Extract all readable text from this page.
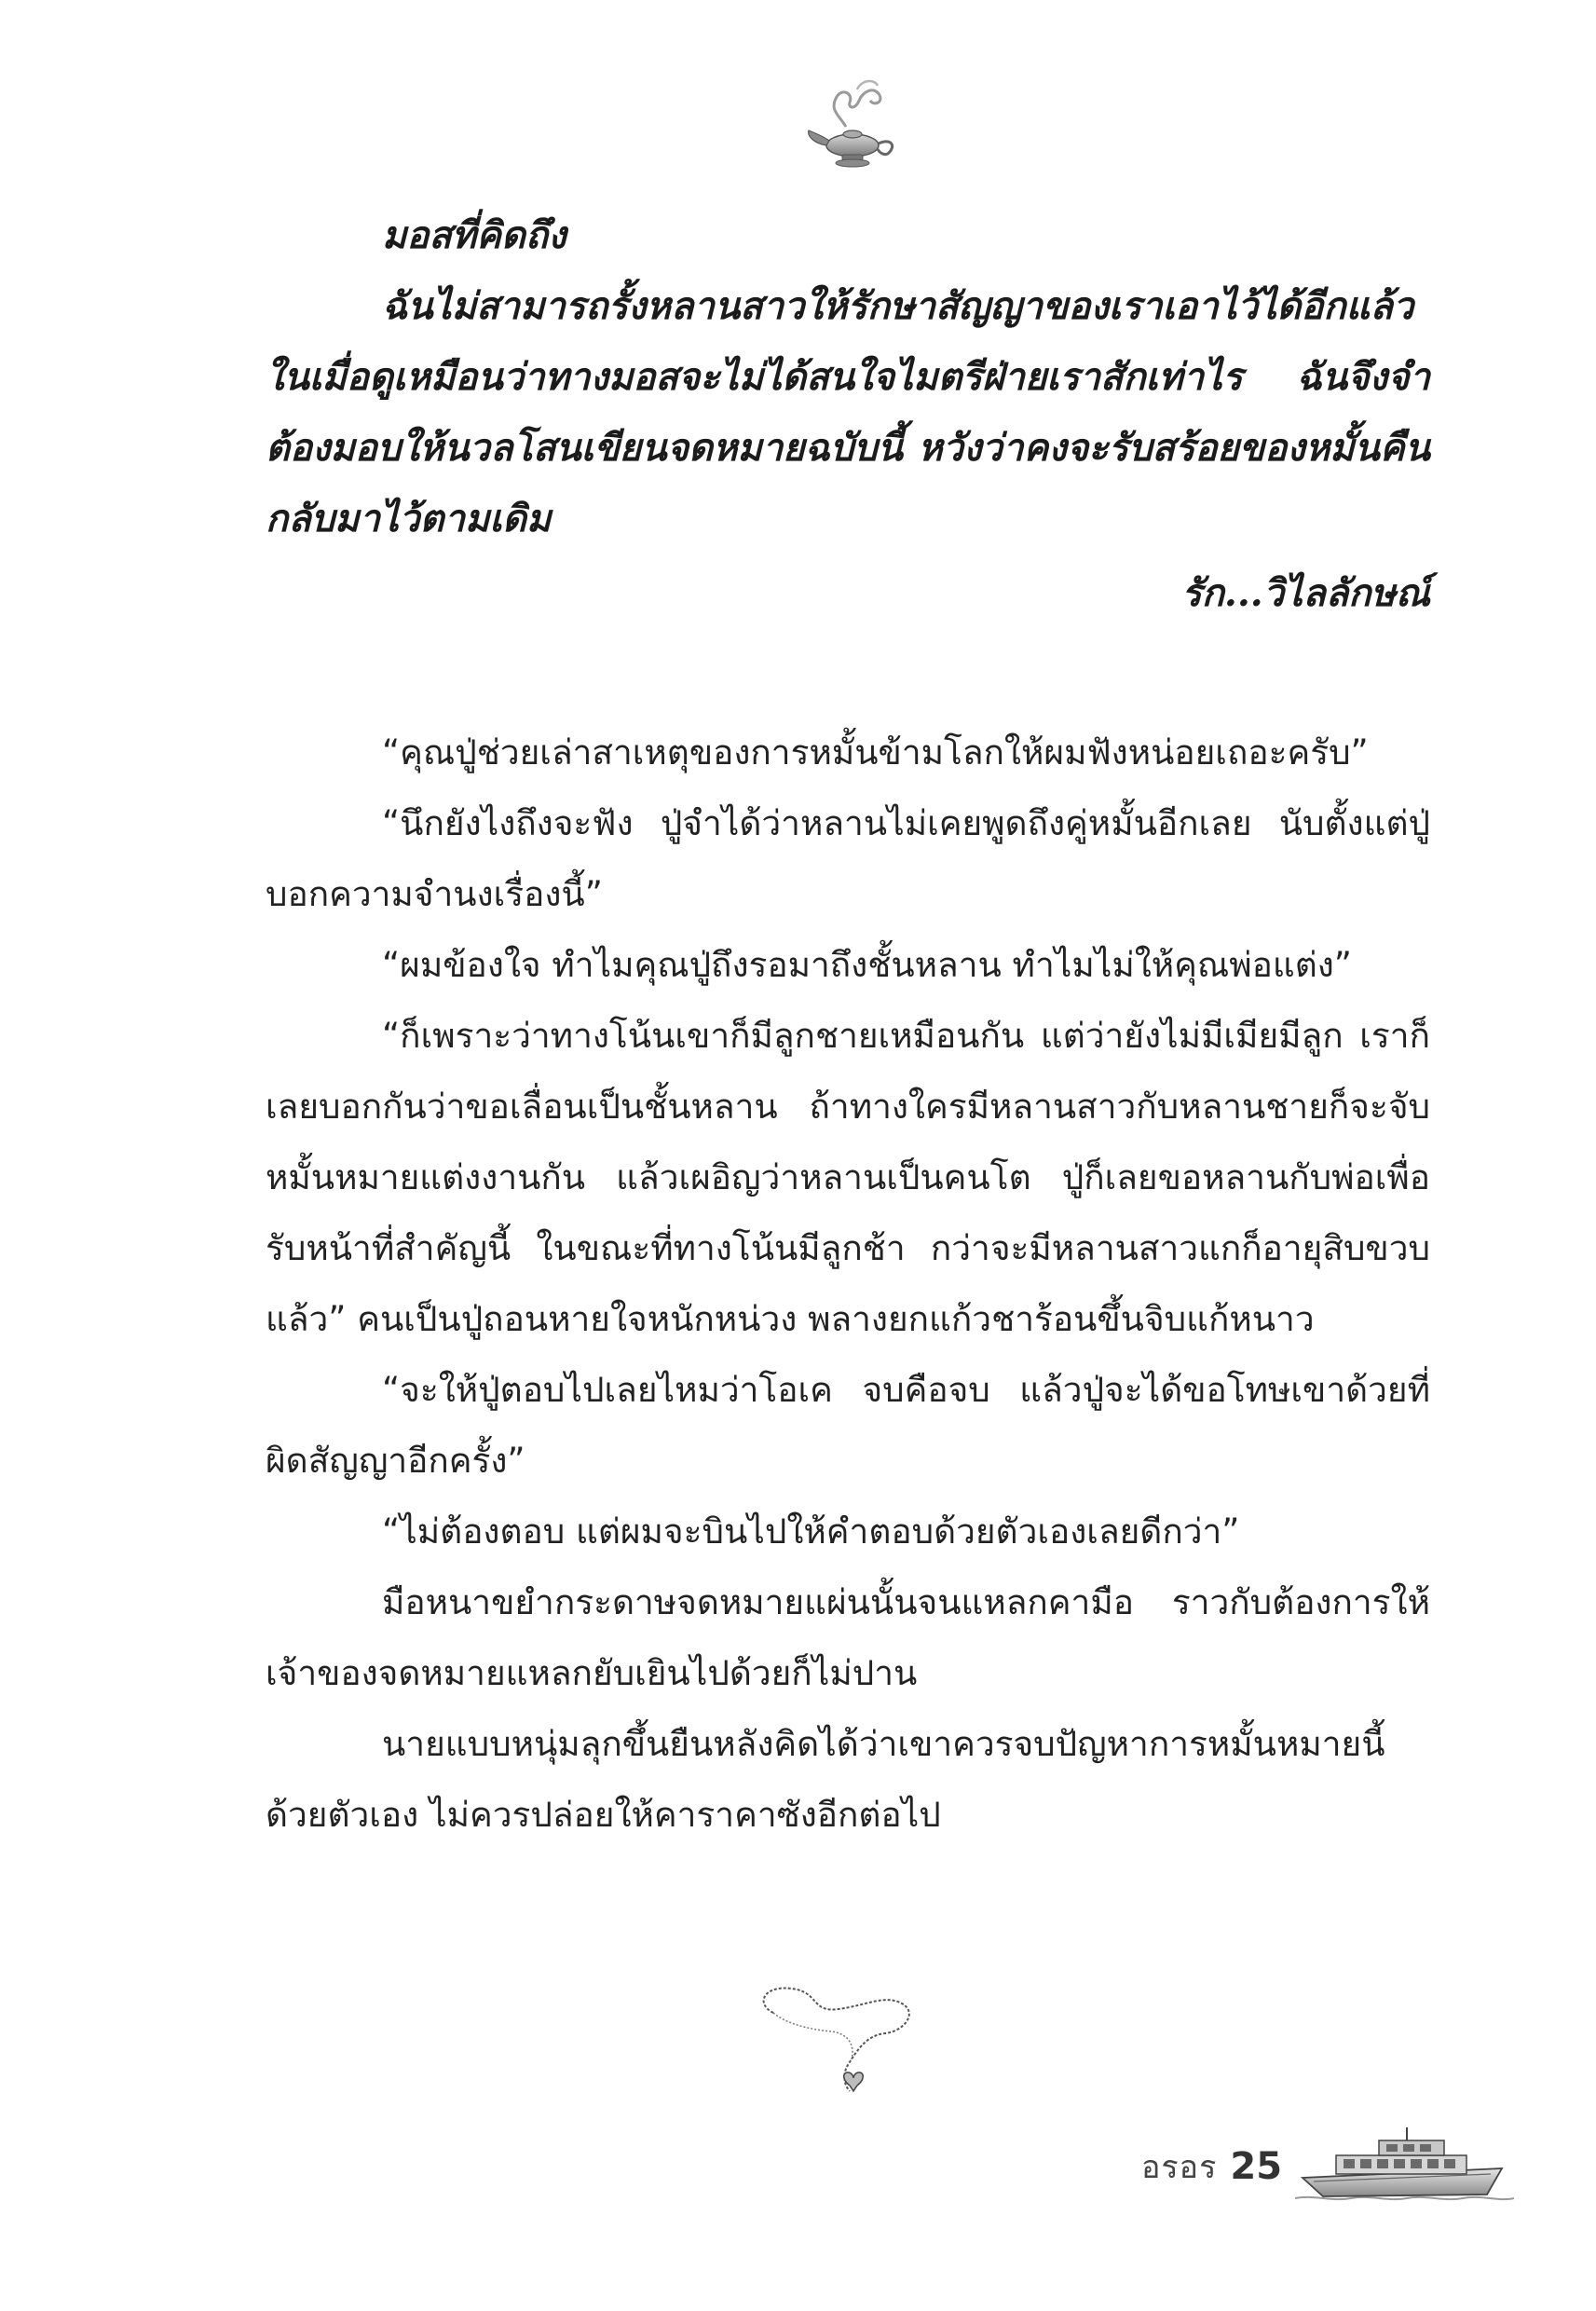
มอสที่คิดถึง
ฉันไม่สามารถรั้งหลานสาวให้รักษาสัญญาของเราเอาไว้ได้อีกแล้ว ในเมื่อดูเหมือนว่าทางมอสจะไม่ได้สนใจไมตรีฝ่ายเราสักเท่าไร ฉันจึงจำต้องมอบให้นวลโสนเขียนจดหมายฉบับนี้ หวังว่าคงจะรับสร้อยของหมั้นคืนกลับมาไว้ตามเดิม
รัก...วิไลลักษณ์

“คุณปู่ช่วยเล่าสาเหตุของการหมั้นข้ามโลกให้ผมฟังหน่อยเถอะครับ”

“นึกยังไงถึงจะฟัง ปู่จำได้ว่าหลานไม่เคยพูดถึงคู่หมั้นอีกเลย นับตั้งแต่ปู่บอกความจำนงเรื่องนี้”

“ผมข้องใจ ทำไมคุณปู่ถึงรอมาถึงชั้นหลาน ทำไมไม่ให้คุณพ่อแต่ง”

“ก็เพราะว่าทางโน้นเขาก็มีลูกชายเหมือนกัน แต่ว่ายังไม่มีเมียมีลูก เราก็เลยบอกกันว่าขอเลื่อนเป็นชั้นหลาน ถ้าทางใครมีหลานสาวกับหลานชายก็จะจับหมั้นหมายแต่งงานกัน แล้วเผอิญว่าหลานเป็นคนโต ปู่ก็เลยขอหลานกับพ่อเพื่อรับหน้าที่สำคัญนี้ ในขณะที่ทางโน้นมีลูกช้า กว่าจะมีหลานสาวแกก็อายุสิบขวบแล้ว” คนเป็นปู่ถอนหายใจหนักหน่วง พลางยกแก้วชาร้อนขึ้นจิบแก้หนาว

“จะให้ปู่ตอบไปเลยไหมว่าโอเค จบคือจบ แล้วปู่จะได้ขอโทษเขาด้วยที่ผิดสัญญาอีกครั้ง”

“ไม่ต้องตอบ แต่ผมจะบินไปให้คำตอบด้วยตัวเองเลยดีกว่า”

มือหนาขยำกระดาษจดหมายแผ่นนั้นจนแหลกคามือ ราวกับต้องการให้เจ้าของจดหมายแหลกยับเยินไปด้วยก็ไม่ปาน

นายแบบหนุ่มลุกขึ้นยืนหลังคิดได้ว่าเขาควรจบปัญหาการหมั้นหมายนี้ด้วยตัวเอง ไม่ควรปล่อยให้คาราคาซังอีกต่อไป

อรอร 25
